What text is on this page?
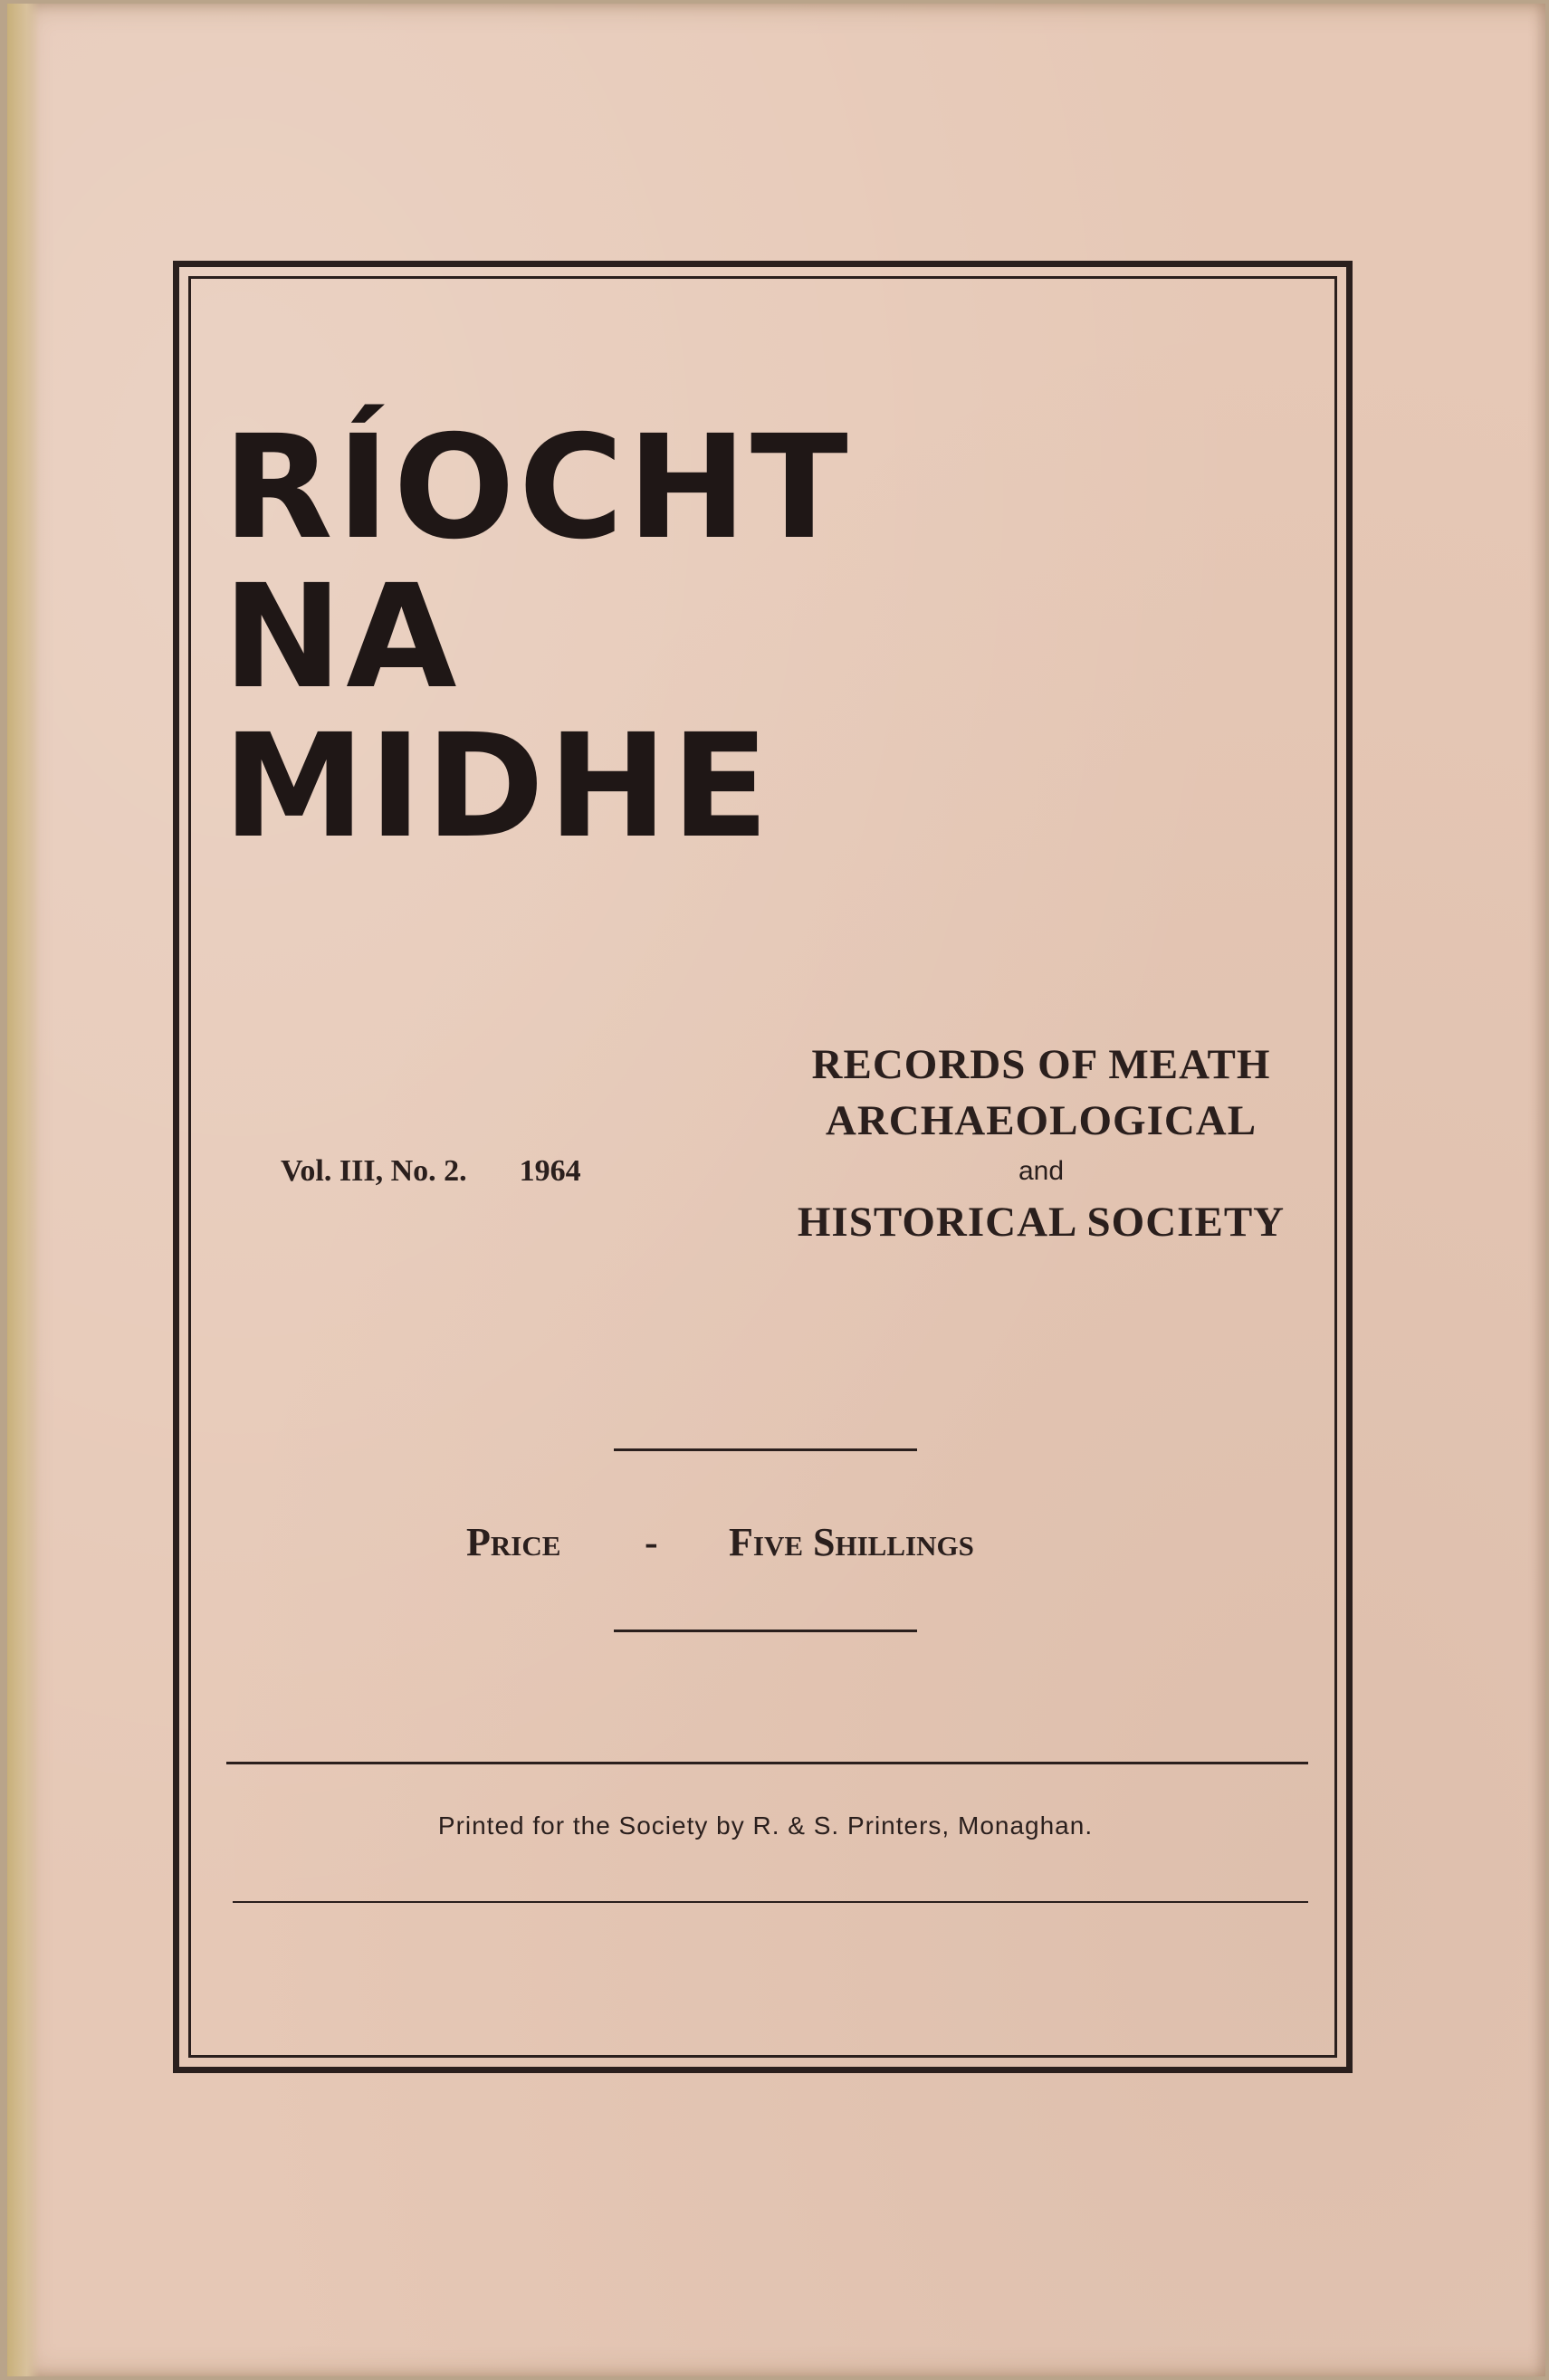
RÍOCHT
NA
MIDHE
Vol. III, No. 2. 1964
RECORDS OF MEATH
ARCHAEOLOGICAL
and
HISTORICAL SOCIETY
Price - Five Shillings
Printed for the Society by R. & S. Printers, Monaghan.
